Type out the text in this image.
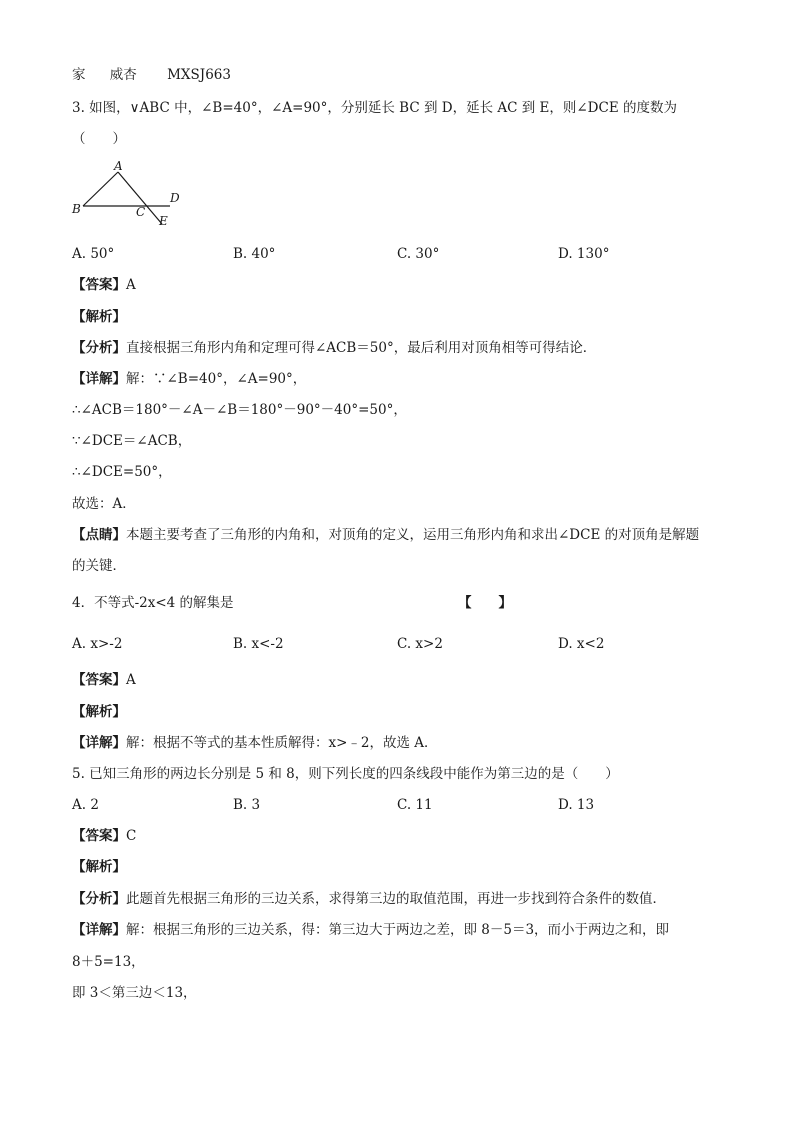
家 威杏 MXSJ663
3. 如图，∨ABC 中，∠B=40°，∠A=90°，分别延长 BC 到 D，延长 AC 到 E，则∠DCE 的度数为
（　　）
A
B	C
D
E
A. 50°	B. 40°	C. 30°	D. 130°
【答案】A
【解析】
【分析】直接根据三角形内角和定理可得∠ACB＝50°，最后利用对顶角相等可得结论．
【详解】解：∵∠B=40°，∠A=90°，
∴∠ACB＝180°－∠A－∠B＝180°－90°－40°=50°，
∵∠DCE＝∠ACB，
∴∠DCE=50°，
故选：A．
【点睛】本题主要考查了三角形的内角和，对顶角的定义，运用三角形内角和求出∠DCE 的对顶角是解题
的关键．
4．不等式-2x<4 的解集是	【　　】
A. x>-2	B. x<-2	C. x>2	D. x<2
【答案】A
【解析】
【详解】解：根据不等式的基本性质解得：x>﹣2，故选 A．
5. 已知三角形的两边长分别是 5 和 8，则下列长度的四条线段中能作为第三边的是（　　）
A. 2	B. 3	C. 11	D. 13
【答案】C
【解析】
【分析】此题首先根据三角形的三边关系，求得第三边的取值范围，再进一步找到符合条件的数值．
【详解】解：根据三角形的三边关系，得：第三边大于两边之差，即 8－5＝3，而小于两边之和，即
8＋5=13，
即 3＜第三边＜13，
